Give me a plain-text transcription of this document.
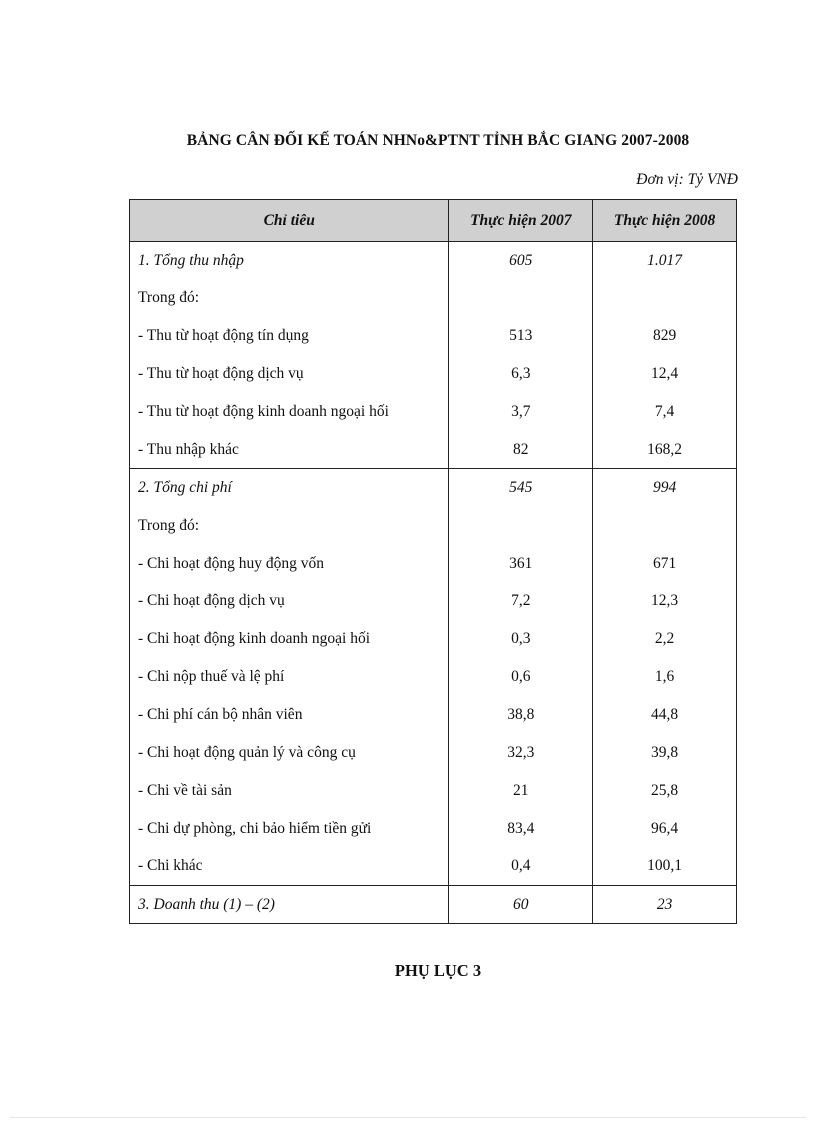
BẢNG CÂN ĐỐI KẾ TOÁN NHNo&PTNT TỈNH BẮC GIANG 2007-2008
Đơn vị: Tỷ VNĐ
Chỉ tiêu	Thực hiện 2007	Thực hiện 2008
1. Tổng thu nhập	605	1.017
Trong đó:		
- Thu từ hoạt động tín dụng	513	829
- Thu từ hoạt động dịch vụ	6,3	12,4
- Thu từ hoạt động kinh doanh ngoại hối	3,7	7,4
- Thu nhập khác	82	168,2
2. Tổng chi phí	545	994
Trong đó:		
- Chi hoạt động huy động vốn	361	671
- Chi hoạt động dịch vụ	7,2	12,3
- Chi hoạt động kinh doanh ngoại hối	0,3	2,2
- Chi nộp thuế và lệ phí	0,6	1,6
- Chi phí cán bộ nhân viên	38,8	44,8
- Chi hoạt động quản lý và công cụ	32,3	39,8
- Chi về tài sản	21	25,8
- Chi dự phòng, chi bảo hiểm tiền gửi	83,4	96,4
- Chi khác	0,4	100,1
3. Doanh thu (1) – (2)	60	23
PHỤ LỤC 3
